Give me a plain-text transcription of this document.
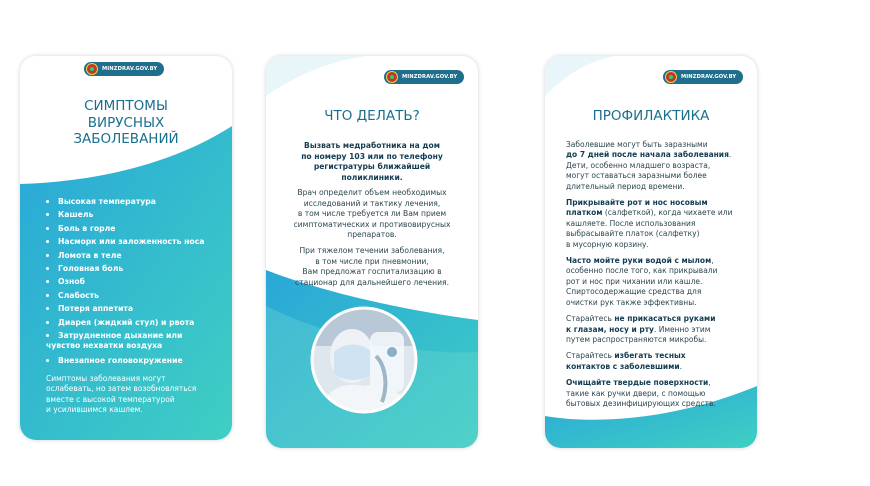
MINZDRAV.GOV.BY
СИМПТОМЫ
ВИРУСНЫХ
ЗАБОЛЕВАНИЙ
Высокая температура
Кашель
Боль в горле
Насморк или заложенность носа
Ломота в теле
Головная боль
Озноб
Слабость
Потеря аппетита
Диарея (жидкий стул) и рвота
Затрудненное дыхание или
чувство нехватки воздуха
Внезапное головокружение
Симптомы заболевания могут
ослабевать, но затем возобновляться
вместе с высокой температурой
и усилившимся кашлем.
MINZDRAV.GOV.BY
ЧТО ДЕЛАТЬ?
Вызвать медработника на дом
по номеру 103 или по телефону
регистратуры ближайшей
поликлиники.
Врач определит объем необходимых
исследований и тактику лечения,
в том числе требуется ли Вам прием
симптоматических и противовирусных
препаратов.
При тяжелом течении заболевания,
в том числе при пневмонии,
Вам предложат госпитализацию в
стационар для дальнейшего лечения.
MINZDRAV.GOV.BY
ПРОФИЛАКТИКА
Заболевшие могут быть заразными
до 7 дней после начала заболевания.
Дети, особенно младшего возраста,
могут оставаться заразными более
длительный период времени.
Прикрывайте рот и нос носовым
платком (салфеткой), когда чихаете или
кашляете. После использования
выбрасывайте платок (салфетку)
в мусорную корзину.
Часто мойте руки водой с мылом,
особенно после того, как прикрывали
рот и нос при чихании или кашле.
Спиртосодержащие средства для
очистки рук также эффективны.
Старайтесь не прикасаться руками
к глазам, носу и рту. Именно этим
путем распространяются микробы.
Старайтесь избегать тесных
контактов с заболевшими.
Очищайте твердые поверхности,
такие как ручки двери, с помощью
бытовых дезинфицирующих средств.
